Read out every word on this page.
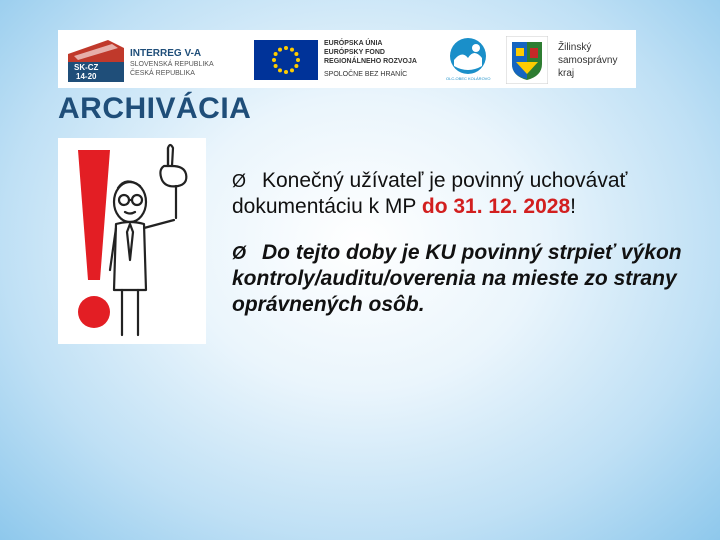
SK-CZ
14-20
INTERREG V-A
SLOVENSKÁ REPUBLIKA
ČESKÁ REPUBLIKA
EURÓPSKA ÚNIA
EURÓPSKY FOND
REGIONÁLNEHO ROZVOJA
SPOLOČNE BEZ HRANÍC
OLC-OBEC KOLÁROVO
Žilinský
samosprávny
kraj
ARCHIVÁCIA

Ø Konečný užívateľ je povinný uchovávať dokumentáciu k MP do 31. 12. 2028!

Ø Do tejto doby je KU povinný strpieť výkon kontroly/auditu/overenia na mieste zo strany oprávnených osôb.
